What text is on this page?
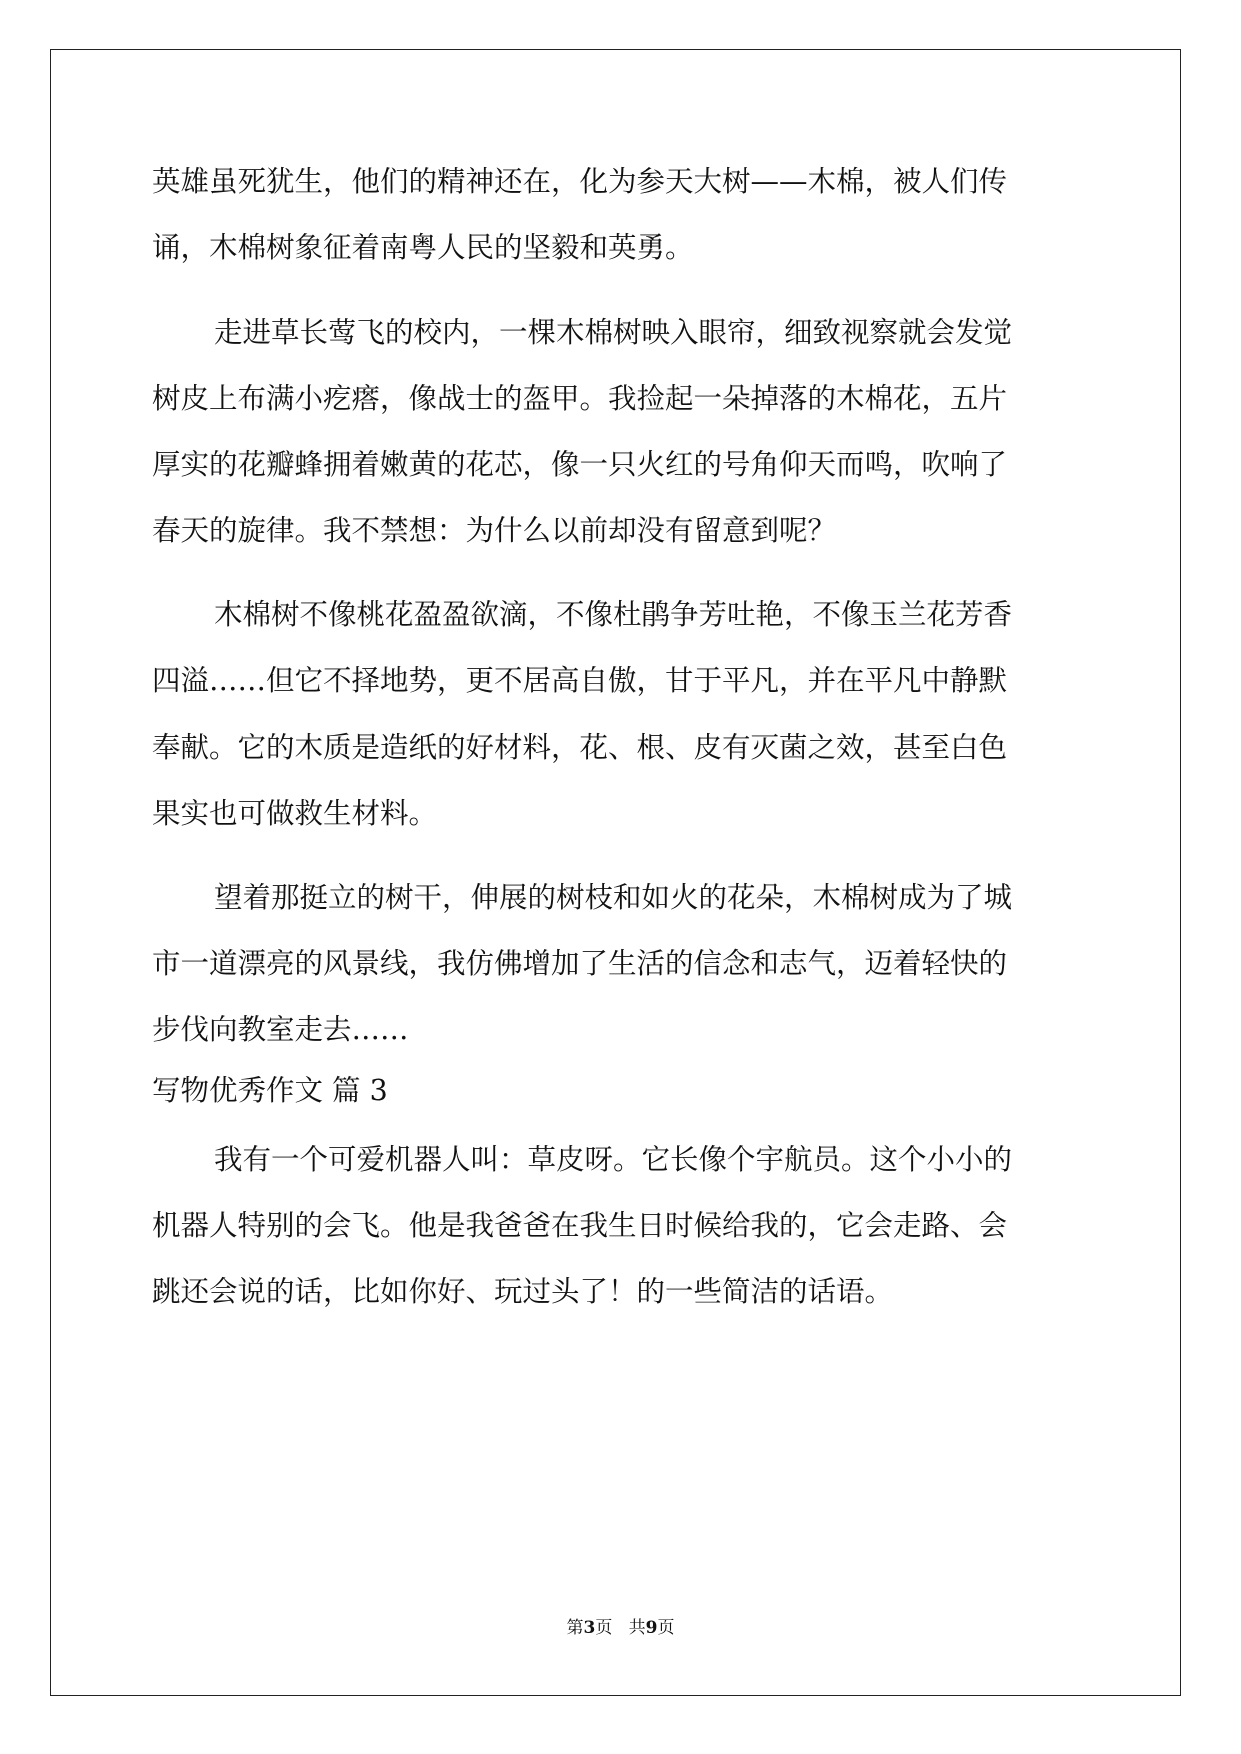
英雄虽死犹生，他们的精神还在，化为参天大树——木棉，被人们传
诵，木棉树象征着南粤人民的坚毅和英勇。
走进草长莺飞的校内，一棵木棉树映入眼帘，细致视察就会发觉
树皮上布满小疙瘩，像战士的盔甲。我捡起一朵掉落的木棉花，五片
厚实的花瓣蜂拥着嫩黄的花芯，像一只火红的号角仰天而鸣，吹响了
春天的旋律。我不禁想：为什么以前却没有留意到呢？
木棉树不像桃花盈盈欲滴，不像杜鹃争芳吐艳，不像玉兰花芳香
四溢……但它不择地势，更不居高自傲，甘于平凡，并在平凡中静默
奉献。它的木质是造纸的好材料，花、根、皮有灭菌之效，甚至白色
果实也可做救生材料。
望着那挺立的树干，伸展的树枝和如火的花朵，木棉树成为了城
市一道漂亮的风景线，我仿佛增加了生活的信念和志气，迈着轻快的
步伐向教室走去……
写物优秀作文 篇 3
我有一个可爱机器人叫：草皮呀。它长像个宇航员。这个小小的
机器人特别的会飞。他是我爸爸在我生日时候给我的，它会走路、会
跳还会说的话，比如你好、玩过头了！的一些简洁的话语。
第3页   共9页
